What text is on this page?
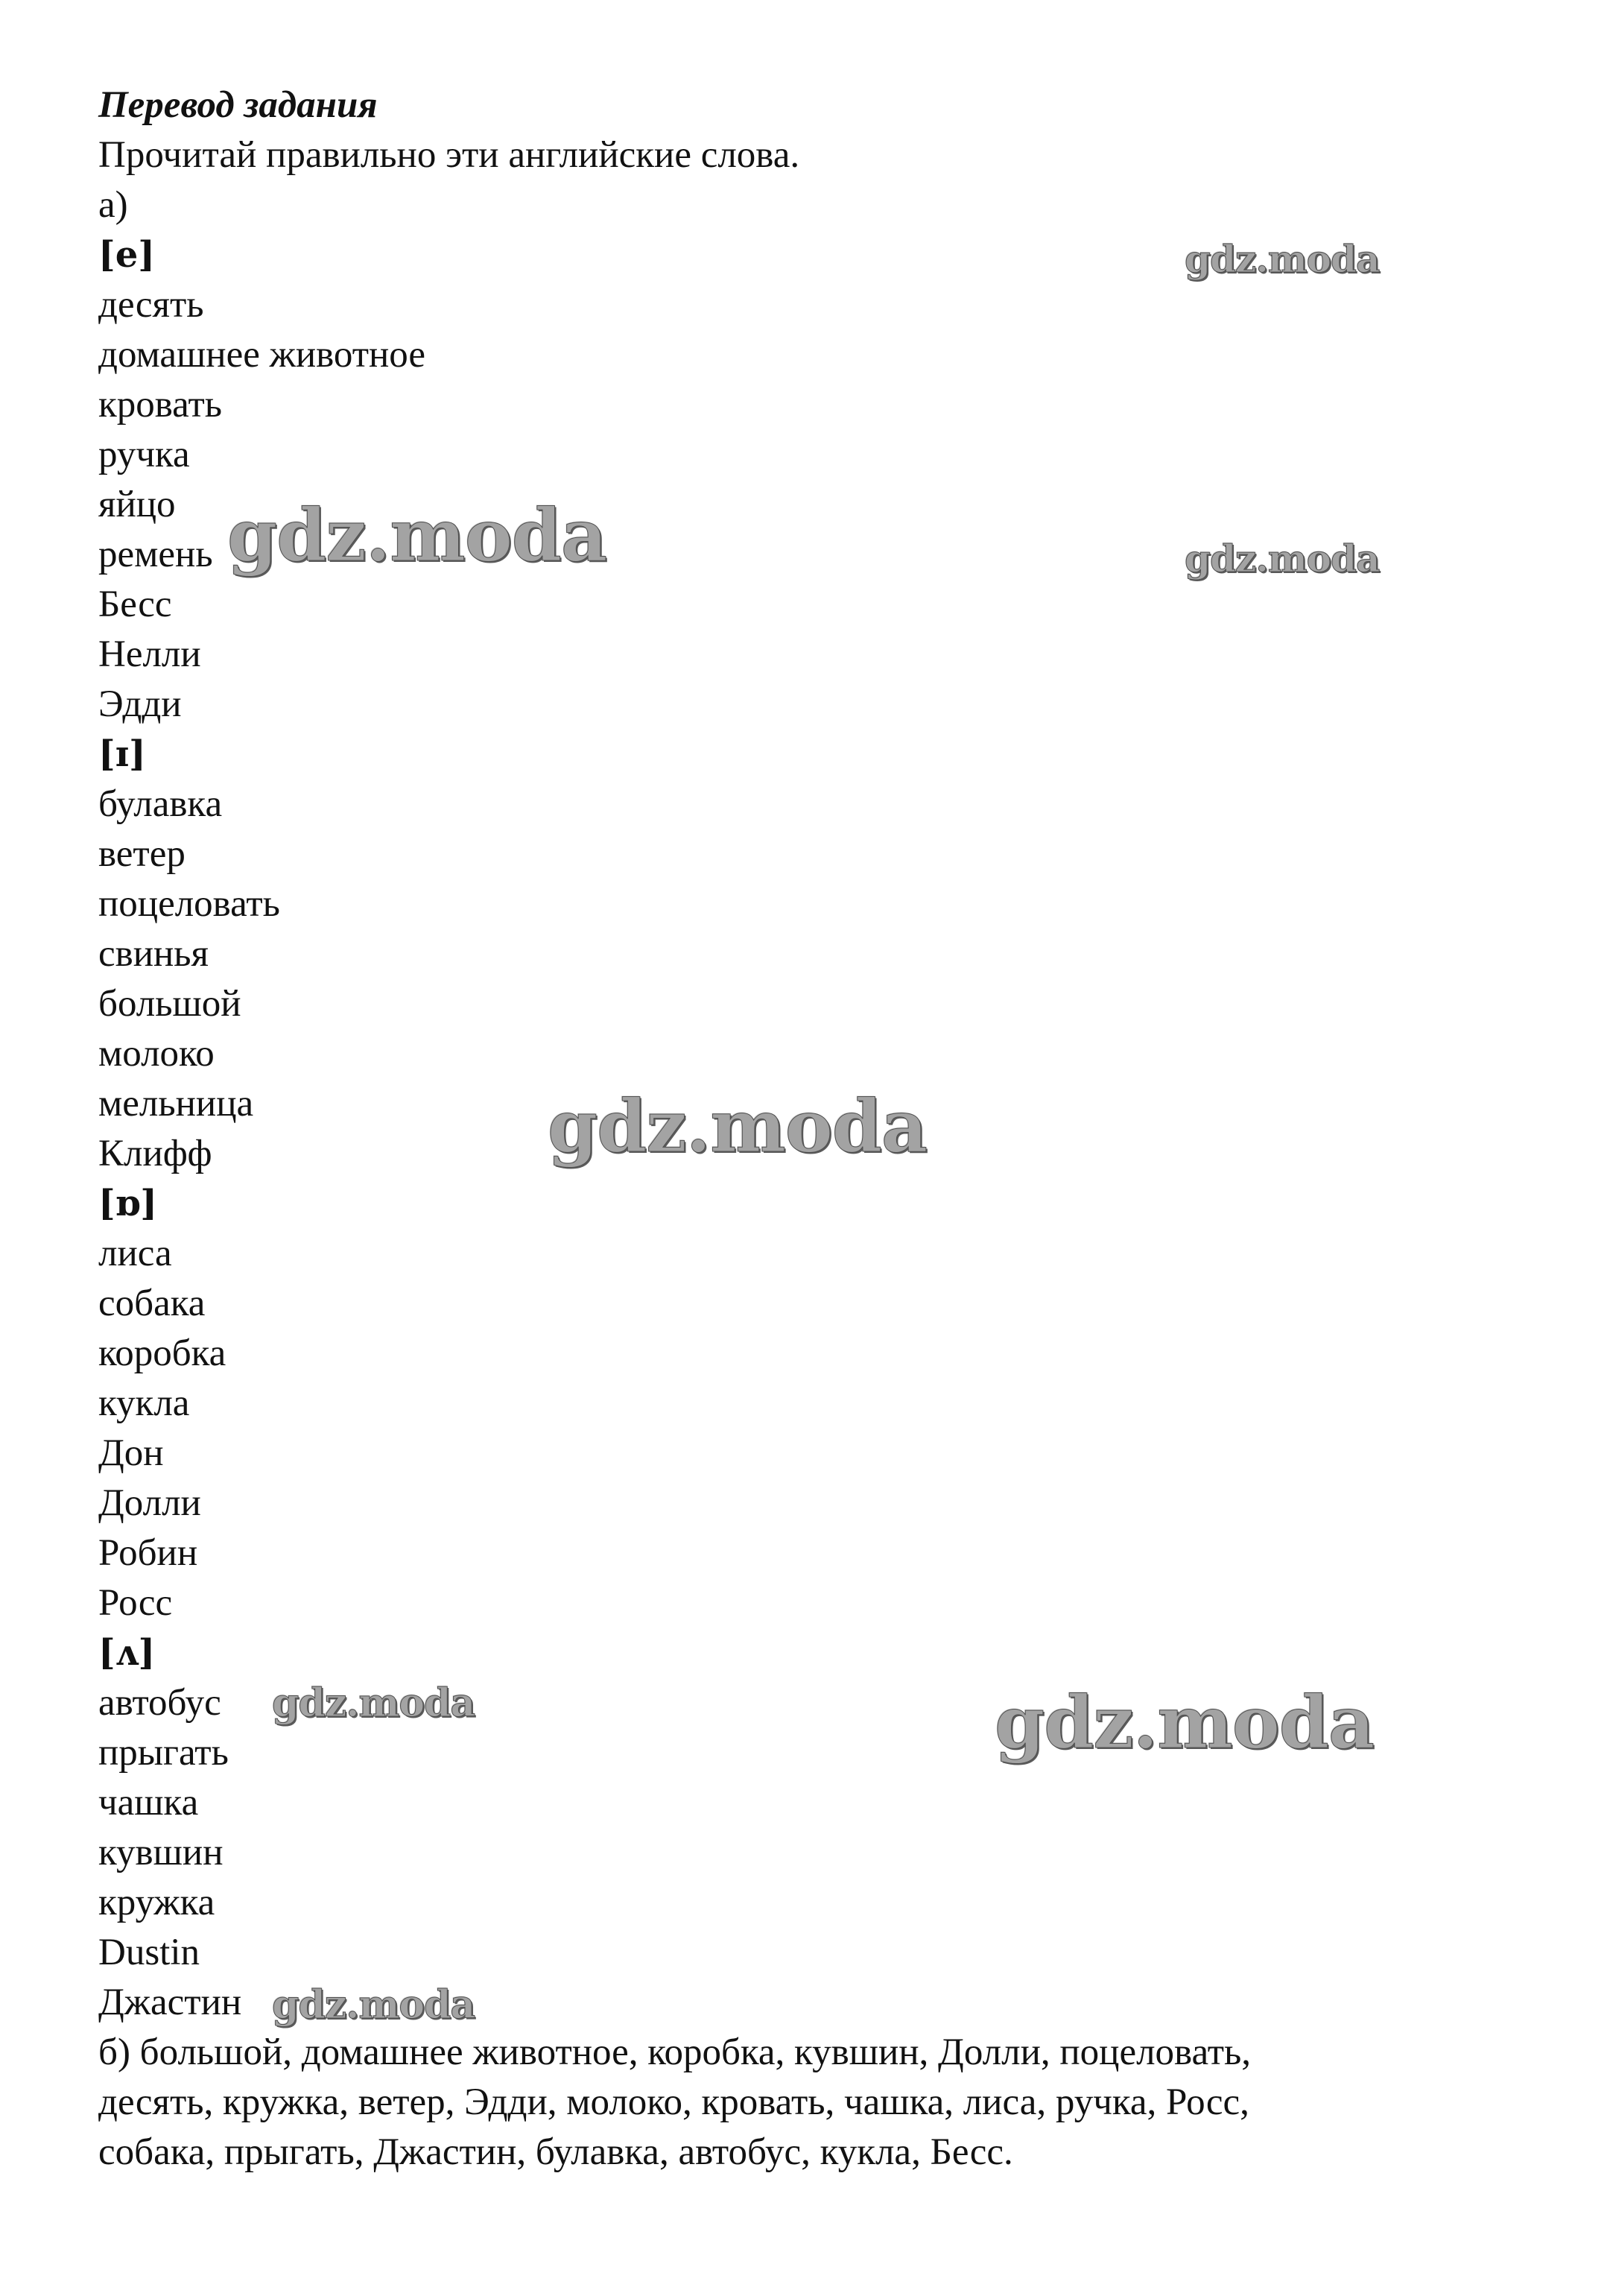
Перевод задания
Прочитай правильно эти английские слова.
а)
[e]
десять
домашнее животное
кровать
ручка
яйцо
ремень
Бесс
Нелли
Эдди
[ɪ]
булавка
ветер
поцеловать
свинья
большой
молоко
мельница
Клифф
[ɒ]
лиса
собака
коробка
кукла
Дон
Долли
Робин
Росс
[ʌ]
автобус
прыгать
чашка
кувшин
кружка
Dustin
Джастин
б) большой, домашнее животное, коробка, кувшин, Долли, поцеловать,
десять, кружка, ветер, Эдди, молоко, кровать, чашка, лиса, ручка, Росс,
собака, прыгать, Джастин, булавка, автобус, кукла, Бесс.
gdz.moda
gdz.moda	gdz.moda
gdz.moda
gdz.moda	gdz.moda
gdz.moda
